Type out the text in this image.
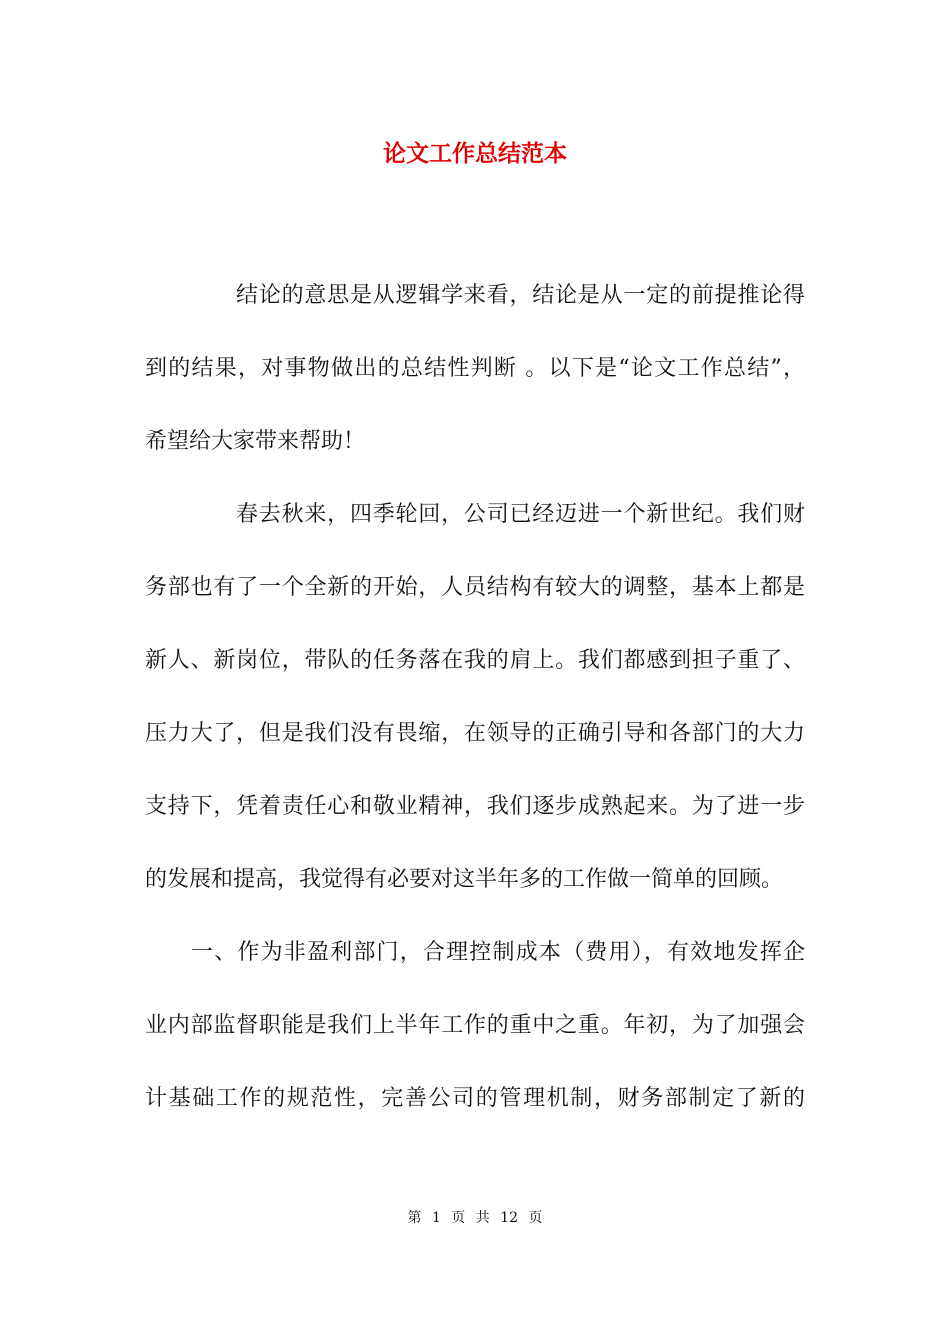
论文工作总结范本

结论的意思是从逻辑学来看，结论是从一定的前提推论得

到的结果，对事物做出的总结性判断 。以下是“论文工作总结”，

希望给大家带来帮助！

春去秋来，四季轮回，公司已经迈进一个新世纪。我们财

务部也有了一个全新的开始，人员结构有较大的调整，基本上都是

新人、新岗位，带队的任务落在我的肩上。我们都感到担子重了、

压力大了，但是我们没有畏缩，在领导的正确引导和各部门的大力

支持下，凭着责任心和敬业精神，我们逐步成熟起来。为了进一步

的发展和提高，我觉得有必要对这半年多的工作做一简单的回顾。

一、作为非盈利部门，合理控制成本（费用），有效地发挥企

业内部监督职能是我们上半年工作的重中之重。年初，为了加强会

计基础工作的规范性，完善公司的管理机制，财务部制定了新的

第 1 页 共 12 页
